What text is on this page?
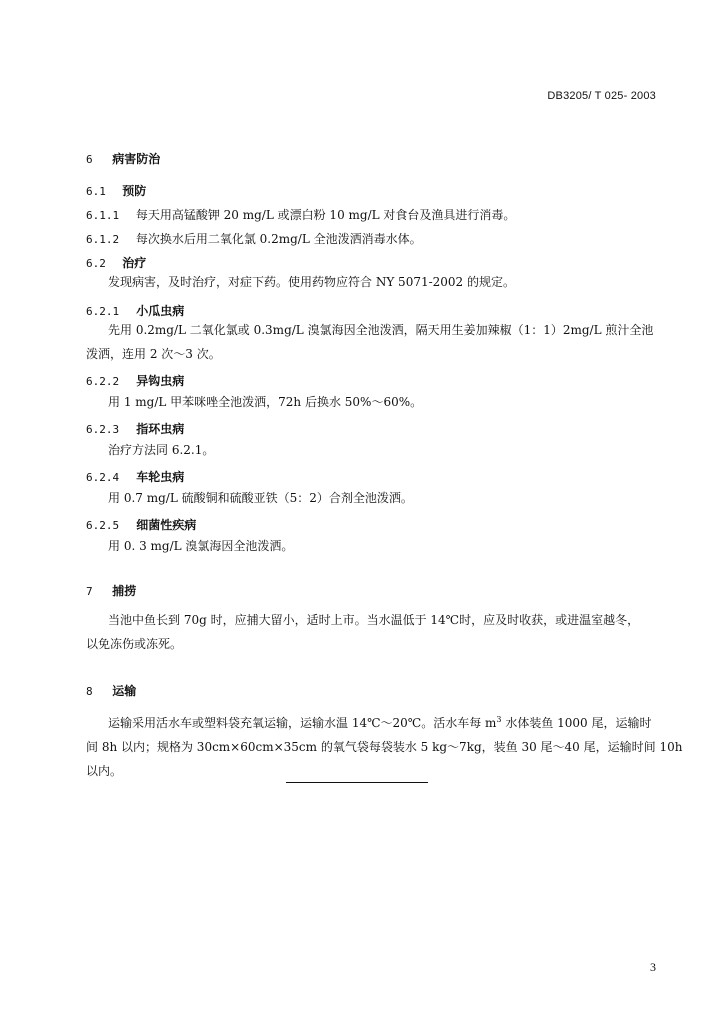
DB3205/ T 025- 2003
6 病害防治
6.1 预防
6.1.1 每天用高锰酸钾 20 mg/L 或漂白粉 10 mg/L 对食台及渔具进行消毒。
6.1.2 每次换水后用二氧化氯 0.2mg/L 全池泼洒消毒水体。
6.2 治疗
发现病害，及时治疗，对症下药。使用药物应符合 NY 5071-2002 的规定。
6.2.1 小瓜虫病
先用 0.2mg/L 二氧化氯或 0.3mg/L 溴氯海因全池泼洒，隔天用生姜加辣椒（1：1）2mg/L 煎汁全池
泼洒，连用 2 次～3 次。
6.2.2 异钩虫病
用 1 mg/L 甲苯咪唑全池泼洒，72h 后换水 50%～60%。
6.2.3 指环虫病
治疗方法同 6.2.1。
6.2.4 车轮虫病
用 0.7 mg/L 硫酸铜和硫酸亚铁（5：2）合剂全池泼洒。
6.2.5 细菌性疾病
用 0. 3 mg/L 溴氯海因全池泼洒。
7 捕捞
当池中鱼长到 70g 时，应捕大留小，适时上市。当水温低于 14℃时，应及时收获，或进温室越冬，
以免冻伤或冻死。
8 运输
运输采用活水车或塑料袋充氧运输，运输水温 14℃～20℃。活水车每 $m^3$ 水体装鱼 1000 尾，运输时
间 8h 以内；规格为 30cm×60cm×35cm 的氧气袋每袋装水 5 kg～7kg，装鱼 30 尾～40 尾，运输时间 10h
以内。
3
